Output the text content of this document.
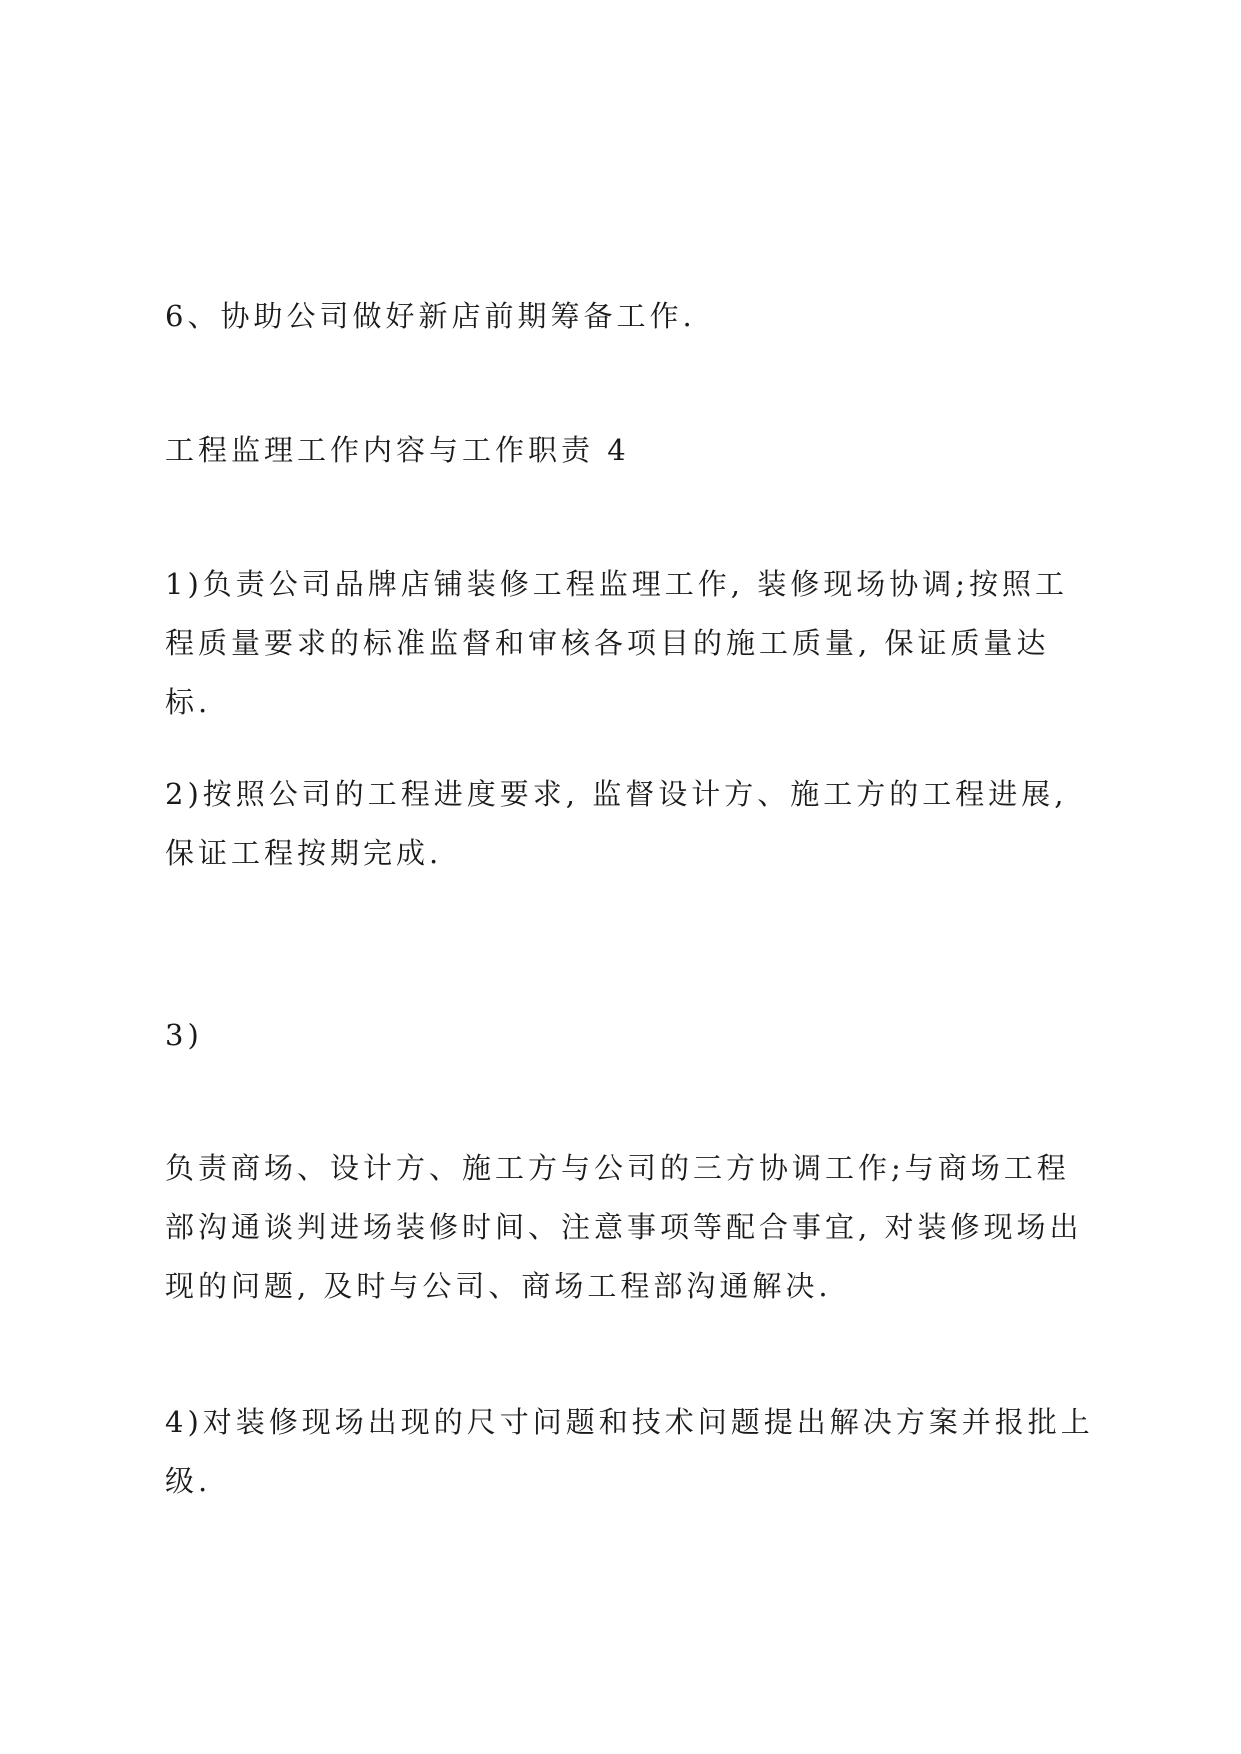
6、协助公司做好新店前期筹备工作.

工程监理工作内容与工作职责 4

1)负责公司品牌店铺装修工程监理工作, 装修现场协调;按照工
程质量要求的标准监督和审核各项目的施工质量, 保证质量达
标.

2)按照公司的工程进度要求, 监督设计方、施工方的工程进展,
保证工程按期完成.

3)

负责商场、设计方、施工方与公司的三方协调工作;与商场工程
部沟通谈判进场装修时间、注意事项等配合事宜, 对装修现场出
现的问题, 及时与公司、商场工程部沟通解决.

4)对装修现场出现的尺寸问题和技术问题提出解决方案并报批上
级.
